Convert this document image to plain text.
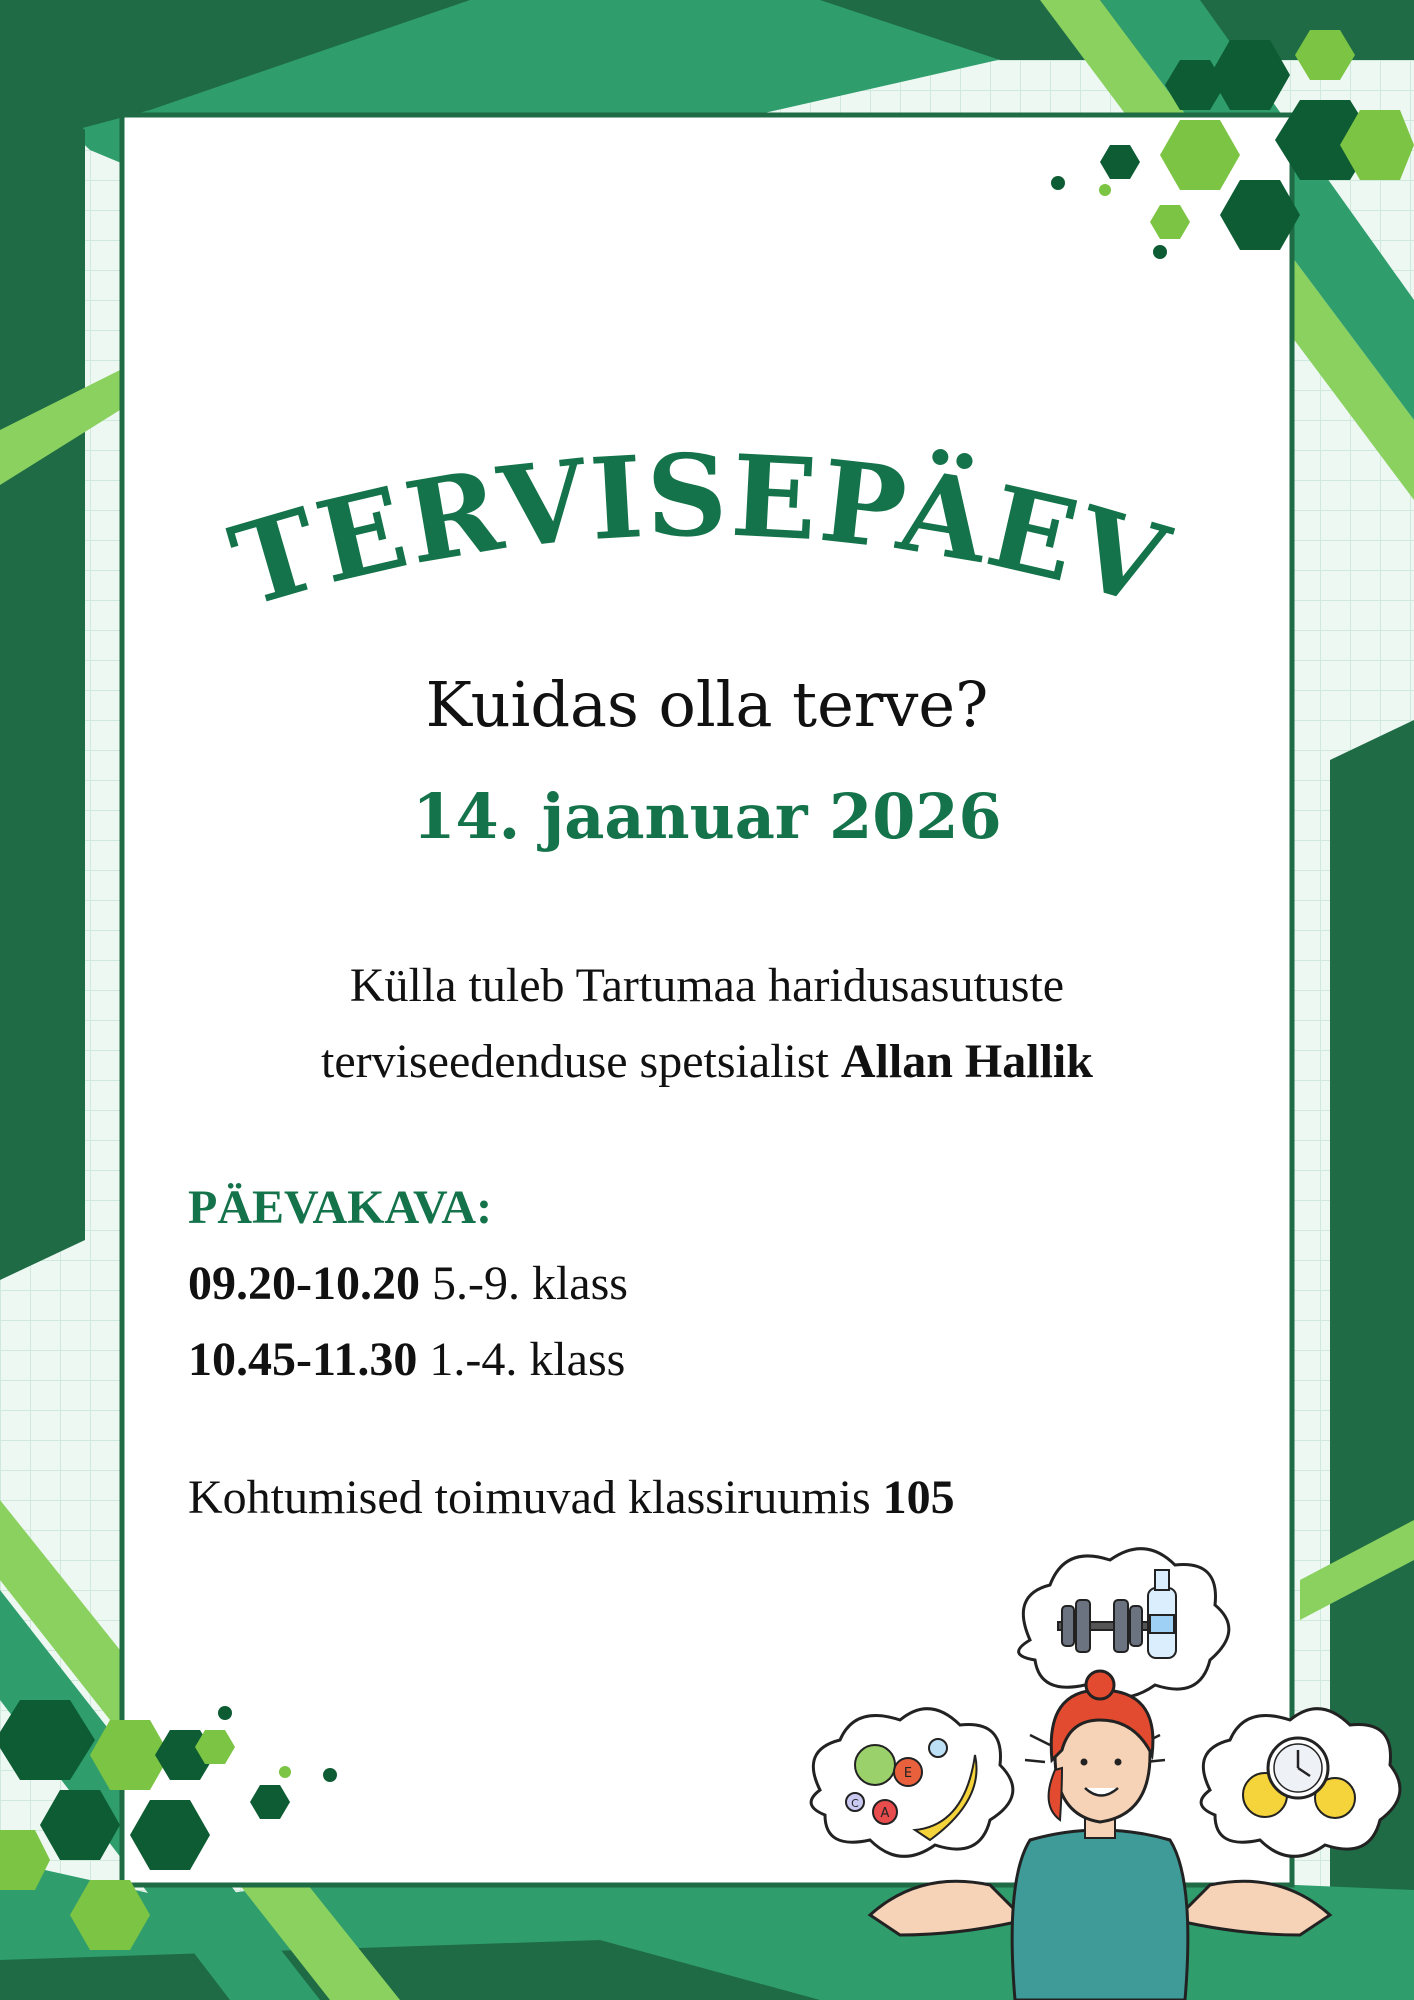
TERVISEPÄEV
Kuidas olla terve?
14. jaanuar 2026
Külla tuleb Tartumaa haridusasutuste
terviseedenduse spetsialist Allan Hallik
PÄEVAKAVA:
09.20-10.20 5.-9. klass
10.45-11.30 1.-4. klass
Kohtumised toimuvad klassiruumis 105
C
E
A
